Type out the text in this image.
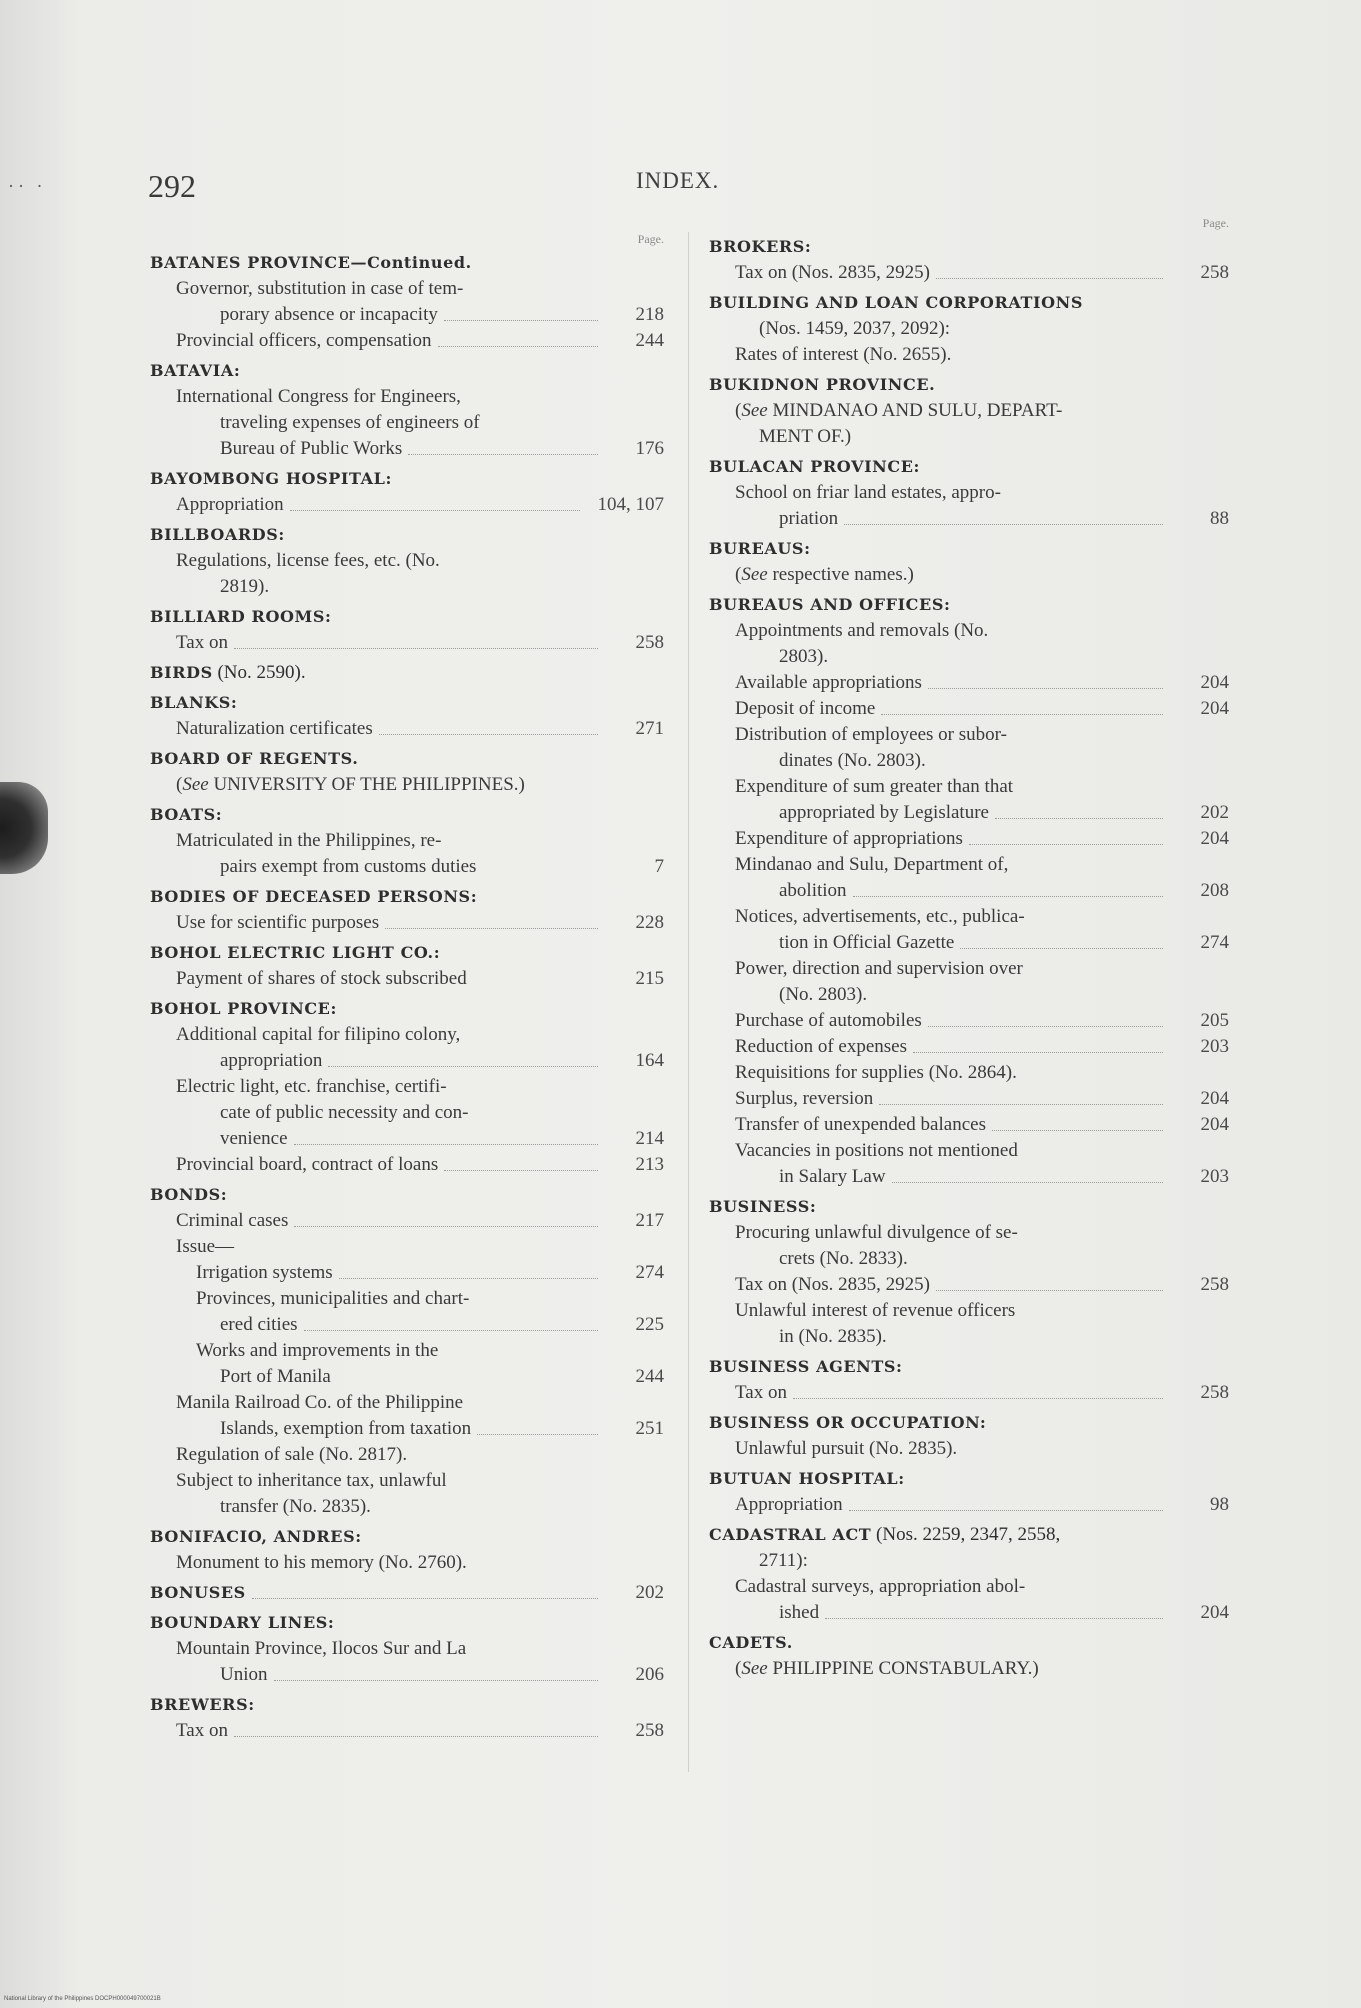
·· ·	292	INDEX.
Page.
BATANES PROVINCE—Continued.
Governor, substitution in case of tem-
porary absence or incapacity	218
Provincial officers, compensation	244
BATAVIA:
International Congress for Engineers,
traveling expenses of engineers of
Bureau of Public Works	176
BAYOMBONG HOSPITAL:
Appropriation	104, 107
BILLBOARDS:
Regulations, license fees, etc. (No.
2819).
BILLIARD ROOMS:
Tax on	258
BIRDS (No. 2590).
BLANKS:
Naturalization certificates	271
BOARD OF REGENTS.
(See UNIVERSITY OF THE PHILIPPINES.)
BOATS:
Matriculated in the Philippines, re-
pairs exempt from customs duties	7
BODIES OF DECEASED PERSONS:
Use for scientific purposes	228
BOHOL ELECTRIC LIGHT CO.:
Payment of shares of stock subscribed	215
BOHOL PROVINCE:
Additional capital for filipino colony,
appropriation	164
Electric light, etc. franchise, certifi-
cate of public necessity and con-
venience	214
Provincial board, contract of loans	213
BONDS:
Criminal cases	217
Issue—
Irrigation systems	274
Provinces, municipalities and chart-
ered cities	225
Works and improvements in the
Port of Manila	244
Manila Railroad Co. of the Philippine
Islands, exemption from taxation	251
Regulation of sale (No. 2817).
Subject to inheritance tax, unlawful
transfer (No. 2835).
BONIFACIO, ANDRES:
Monument to his memory (No. 2760).
BONUSES	202
BOUNDARY LINES:
Mountain Province, Ilocos Sur and La
Union	206
BREWERS:
Tax on	258
Page.
BROKERS:
Tax on (Nos. 2835, 2925)	258
BUILDING AND LOAN CORPORATIONS
(Nos. 1459, 2037, 2092):
Rates of interest (No. 2655).
BUKIDNON PROVINCE.
(See MINDANAO AND SULU, DEPART-
MENT OF.)
BULACAN PROVINCE:
School on friar land estates, appro-
priation	88
BUREAUS:
(See respective names.)
BUREAUS AND OFFICES:
Appointments and removals (No.
2803).
Available appropriations	204
Deposit of income	204
Distribution of employees or subor-
dinates (No. 2803).
Expenditure of sum greater than that
appropriated by Legislature	202
Expenditure of appropriations	204
Mindanao and Sulu, Department of,
abolition	208
Notices, advertisements, etc., publica-
tion in Official Gazette	274
Power, direction and supervision over
(No. 2803).
Purchase of automobiles	205
Reduction of expenses	203
Requisitions for supplies (No. 2864).
Surplus, reversion	204
Transfer of unexpended balances	204
Vacancies in positions not mentioned
in Salary Law	203
BUSINESS:
Procuring unlawful divulgence of se-
crets (No. 2833).
Tax on (Nos. 2835, 2925)	258
Unlawful interest of revenue officers
in (No. 2835).
BUSINESS AGENTS:
Tax on	258
BUSINESS OR OCCUPATION:
Unlawful pursuit (No. 2835).
BUTUAN HOSPITAL:
Appropriation	98
CADASTRAL ACT (Nos. 2259, 2347, 2558,
2711):
Cadastral surveys, appropriation abol-
ished	204
CADETS.
(See PHILIPPINE CONSTABULARY.)
National Library of the Philippines DOCPH000049700021B
